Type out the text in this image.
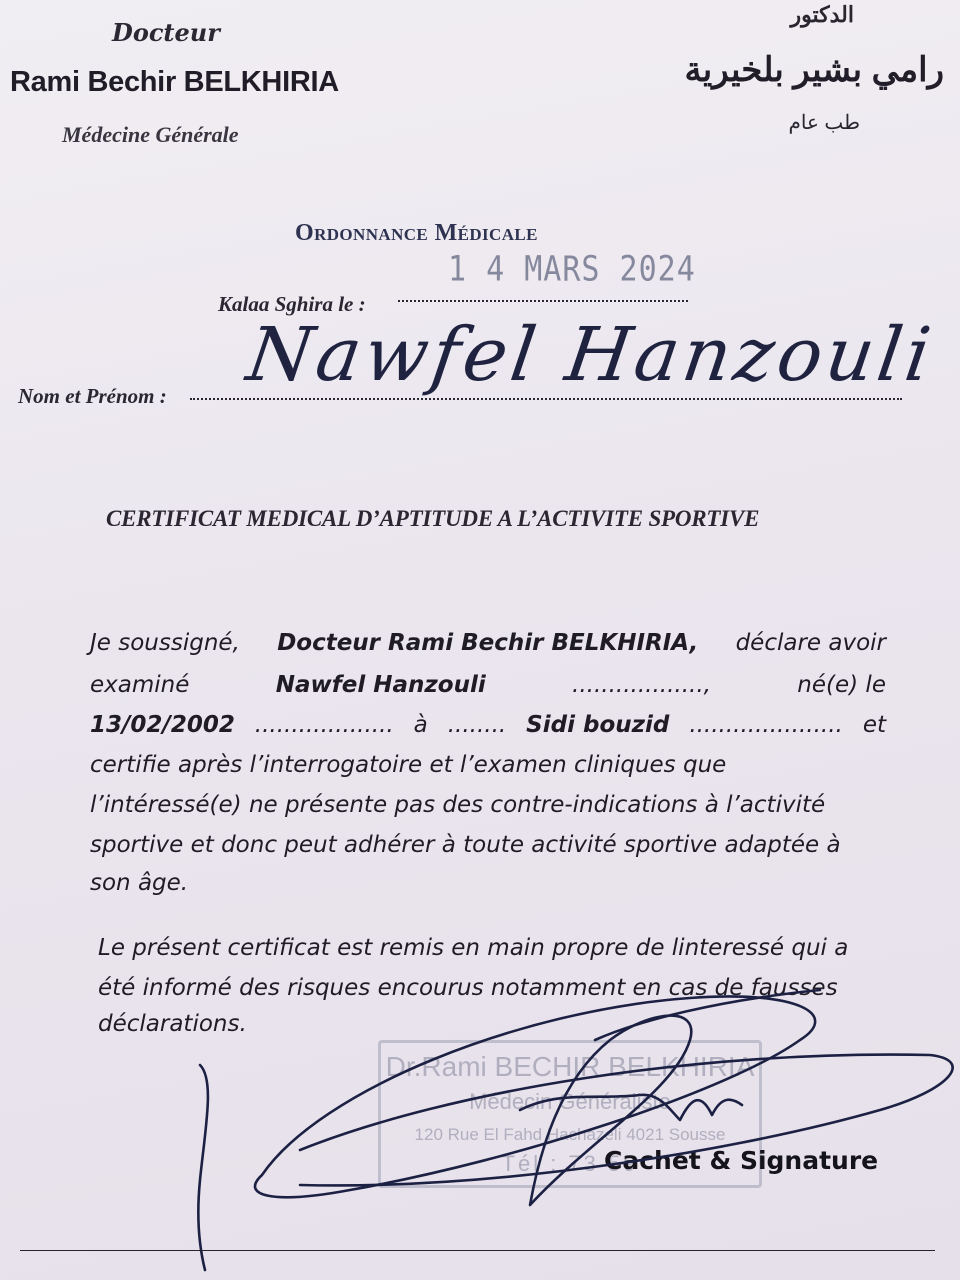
Docteur
Rami Bechir BELKHIRIA
Médecine Générale
الدكتور
رامي بشير بلخيرية
طب عام
Ordonnance Médicale
Kalaa Sghira le :
1 4 MARS 2024
Nom et Prénom : Nawfel Hanzouli
CERTIFICAT MEDICAL D’APTITUDE A L’ACTIVITE SPORTIVE
Je soussigné, Docteur Rami Bechir BELKHIRIA, déclare avoir
examiné	Nawfel Hanzouli	..................,	né(e) le
13/02/2002 ................... à ........ Sidi bouzid ..................... et
certifie après l’interrogatoire et l’examen cliniques que
l’intéressé(e) ne présente pas des contre-indications à l’activité
sportive et donc peut adhérer à toute activité sportive adaptée à
son âge.
Le présent certificat est remis en main propre de linteressé qui a
été informé des risques encourus notamment en cas de fausses
déclarations.
Dr.Rami BECHIR BELKHIRIA
Médecin Généraliste
120 Rue El Fahd Hachazeli 4021 Sousse
Tél : 73 59
Cachet & Signature
